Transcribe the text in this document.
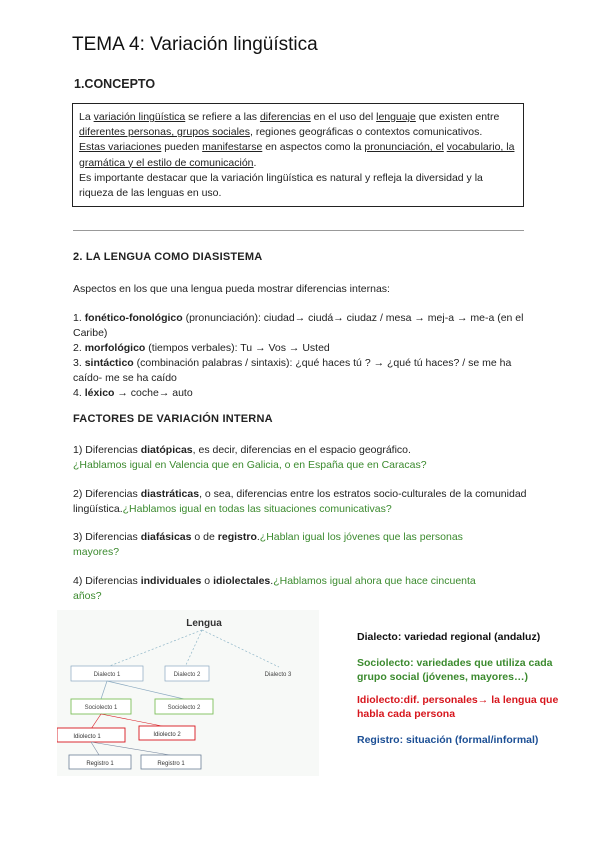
TEMA 4: Variación lingüística
1.CONCEPTO
La variación lingüística se refiere a las diferencias en el uso del lenguaje que existen entre diferentes personas, grupos sociales, regiones geográficas o contextos comunicativos.
Estas variaciones pueden manifestarse en aspectos como la pronunciación, el vocabulario, la gramática y el estilo de comunicación.
Es importante destacar que la variación lingüística es natural y refleja la diversidad y la riqueza de las lenguas en uso.
2. LA LENGUA COMO DIASISTEMA
Aspectos en los que una lengua pueda mostrar diferencias internas:
1. fonético-fonológico (pronunciación): ciudad→ ciudá→ ciudaz / mesa → mej-a → me-a (en el Caribe)
2. morfológico (tiempos verbales): Tu → Vos → Usted
3. sintáctico (combinación palabras / sintaxis): ¿qué haces tú ? → ¿qué tú haces? / se me ha caído- me se ha caído
4. léxico → coche→ auto
FACTORES DE VARIACIÓN INTERNA
1) Diferencias diatópicas, es decir, diferencias en el espacio geográfico.
¿Hablamos igual en Valencia que en Galicia, o en España que en Caracas?
2) Diferencias diastráticas, o sea, diferencias entre los estratos socio-culturales de la comunidad lingüística.¿Hablamos igual en todas las situaciones comunicativas?
3) Diferencias diafásicas o de registro.¿Hablan igual los jóvenes que las personas mayores?
4) Diferencias individuales o idiolectales.¿Hablamos igual ahora que hace cincuenta años?
Lengua
Dialecto 1	Dialecto 2	Dialecto 3
Sociolecto 1	Sociolecto 2
Idiolecto 1	Idiolecto 2
Registro 1	Registro 1
Dialecto: variedad regional (andaluz)
Sociolecto: variedades que utiliza cada grupo social (jóvenes, mayores…)
Idiolecto:dif. personales→ la lengua que habla cada persona
Registro: situación (formal/informal)
